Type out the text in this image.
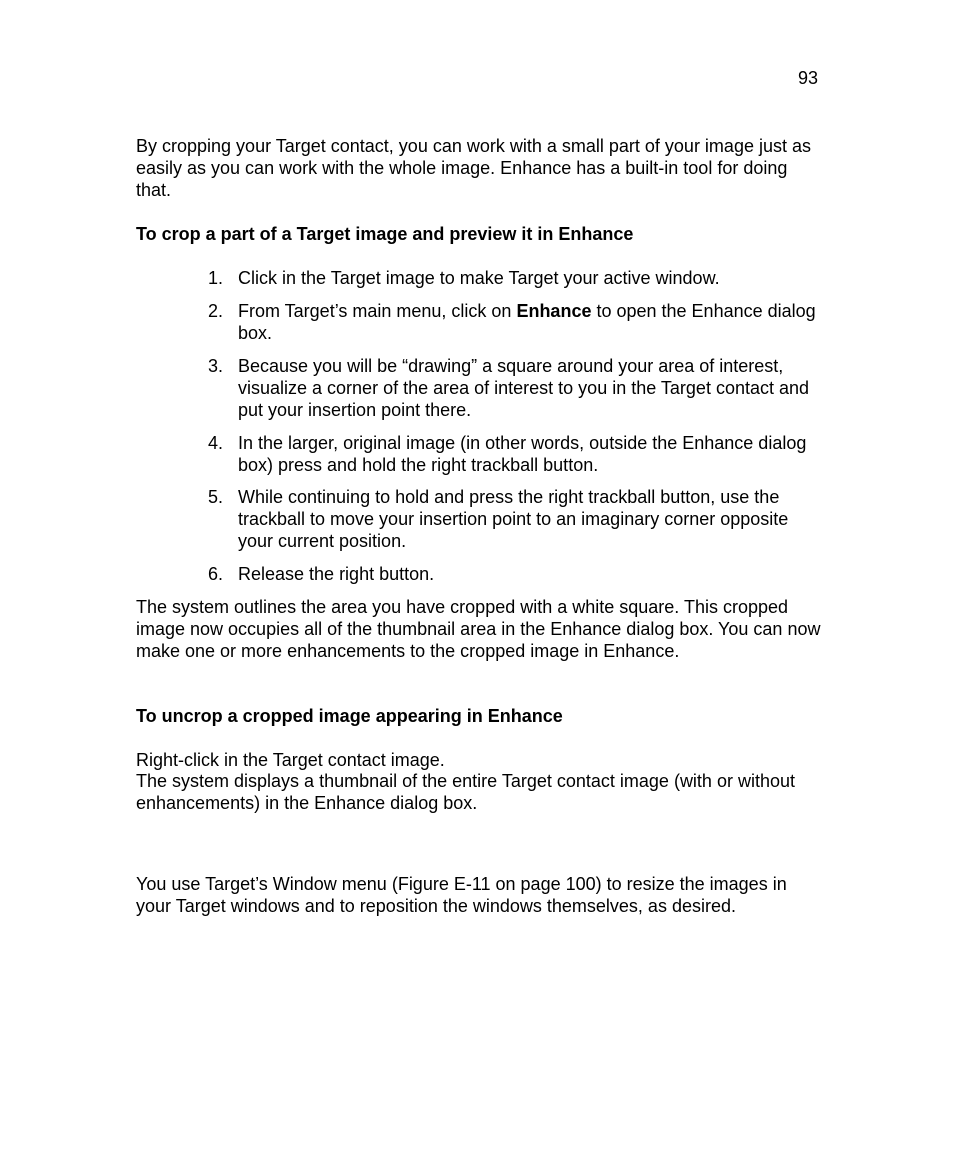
93

By cropping your Target contact, you can work with a small part of your image just as easily as you can work with the whole image. Enhance has a built-in tool for doing that.

To crop a part of a Target image and preview it in Enhance

1. Click in the Target image to make Target your active window.
2. From Target’s main menu, click on Enhance to open the Enhance dialog box.
3. Because you will be “drawing” a square around your area of interest, visualize a corner of the area of interest to you in the Target contact and put your insertion point there.
4. In the larger, original image (in other words, outside the Enhance dialog box) press and hold the right trackball button.
5. While continuing to hold and press the right trackball button, use the trackball to move your insertion point to an imaginary corner opposite your current position.
6. Release the right button.

The system outlines the area you have cropped with a white square. This cropped image now occupies all of the thumbnail area in the Enhance dialog box. You can now make one or more enhancements to the cropped image in Enhance.

To uncrop a cropped image appearing in Enhance

Right-click in the Target contact image.

The system displays a thumbnail of the entire Target contact image (with or without enhancements) in the Enhance dialog box.

You use Target’s Window menu (Figure E-11 on page 100) to resize the images in your Target windows and to reposition the windows themselves, as desired.
